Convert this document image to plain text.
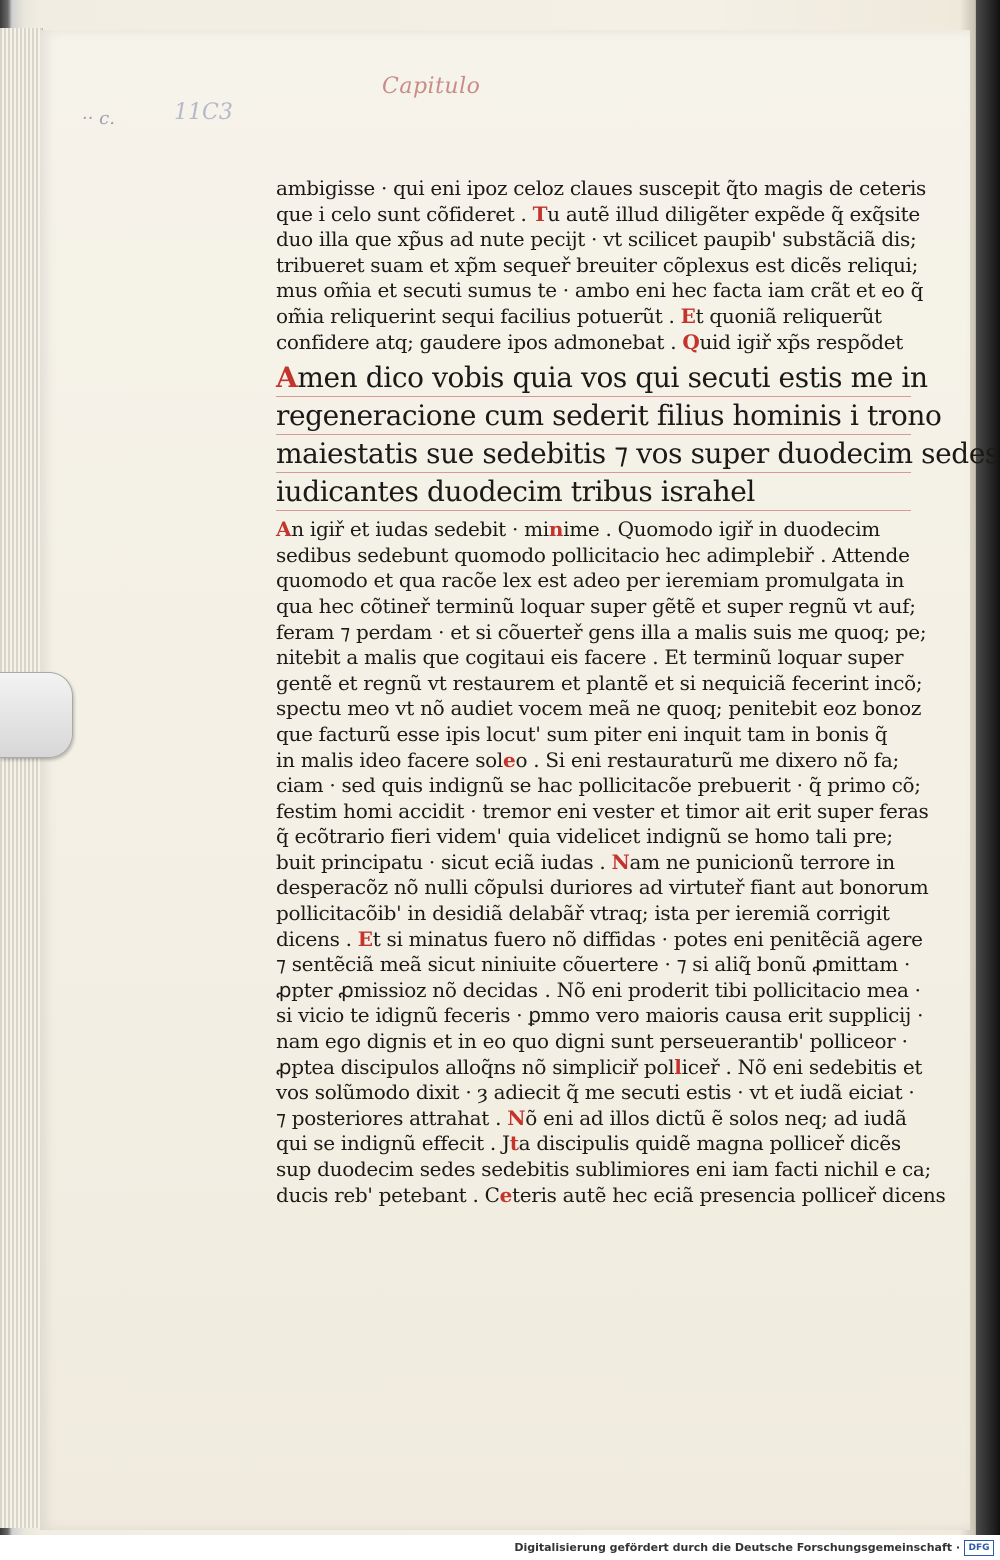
Capitulo
·· c.	11C3
ambigisse · qui eni ipoz celoz claues suscepit q̃to magis de ceteris
que i celo sunt cõfideret . Tu autẽ illud diligẽter expẽde q̃ exq̃site
duo illa que xp̃us ad nute pecijt · vt scilicet paupib' substãciã dis;
tribueret suam et xp̃m sequeř breuiter cõplexus est dicẽs reliqui;
mus om̃ia et secuti sumus te · ambo eni hec facta iam crãt et eo q̃
om̃ia reliquerint sequi facilius potuerũt . Et quoniã reliquerũt
confidere atq; gaudere ipos admonebat . Quid igiř xp̃s respõdet
Amen dico vobis quia vos qui secuti estis me in
regeneracione cum sederit filius hominis i trono
maiestatis sue sedebitis ⁊ vos super duodecim sedes
iudicantes duodecim tribus israhel
An igiř et iudas sedebit · minime . Quomodo igiř in duodecim
sedibus sedebunt quomodo pollicitacio hec adimplebiř . Attende
quomodo et qua racõe lex est adeo per ieremiam promulgata in
qua hec cõtineř terminũ loquar super gẽtẽ et super regnũ vt auf;
feram ⁊ perdam · et si cõuerteř gens illa a malis suis me quoq; pe;
nitebit a malis que cogitaui eis facere . Et terminũ loquar super
gentẽ et regnũ vt restaurem et plantẽ et si nequiciã fecerint incõ;
spectu meo vt nõ audiet vocem meã ne quoq; penitebit eoz bonoz
que facturũ esse ipis locut' sum piter eni inquit tam in bonis q̃
in malis ideo facere soleo . Si eni restauraturũ me dixero nõ fa;
ciam · sed quis indignũ se hac pollicitacõe prebuerit · q̃ primo cõ;
festim homi accidit · tremor eni vester et timor ait erit super feras
q̃ ecõtrario fieri videm' quia videlicet indignũ se homo tali pre;
buit principatu · sicut eciã iudas . Nam ne punicionũ terrore in
desperacõz nõ nulli cõpulsi duriores ad virtuteř fiant aut bonorum
pollicitacõib' in desidiã delabãř vtraq; ista per ieremiã corrigit
dicens . Et si minatus fuero nõ diffidas · potes eni penitẽciã agere
⁊ sentẽciã meã sicut niniuite cõuertere · ⁊ si aliq̃ bonũ ꝓmittam ·
ꝓpter ꝓmissioz nõ decidas . Nõ eni proderit tibi pollicitacio mea ·
si vicio te idignũ feceris · ꝑmmo vero maioris causa erit supplicij ·
nam ego dignis et in eo quo digni sunt perseuerantib' polliceor ·
ꝓptea discipulos alloq̃ns nõ simpliciř polliceř . Nõ eni sedebitis et
vos solũmodo dixit · ȝ adiecit q̃ me secuti estis · vt et iudã eiciat ·
⁊ posteriores attrahat . Nõ eni ad illos dictũ ẽ solos neq; ad iudã
qui se indignũ effecit . Jta discipulis quidẽ magna polliceř dicẽs
sup duodecim sedes sedebitis sublimiores eni iam facti nichil e ca;
ducis reb' petebant . Ceteris autẽ hec eciã presencia polliceř dicens
Digitalisierung gefördert durch die Deutsche Forschungsgemeinschaft · DFG
